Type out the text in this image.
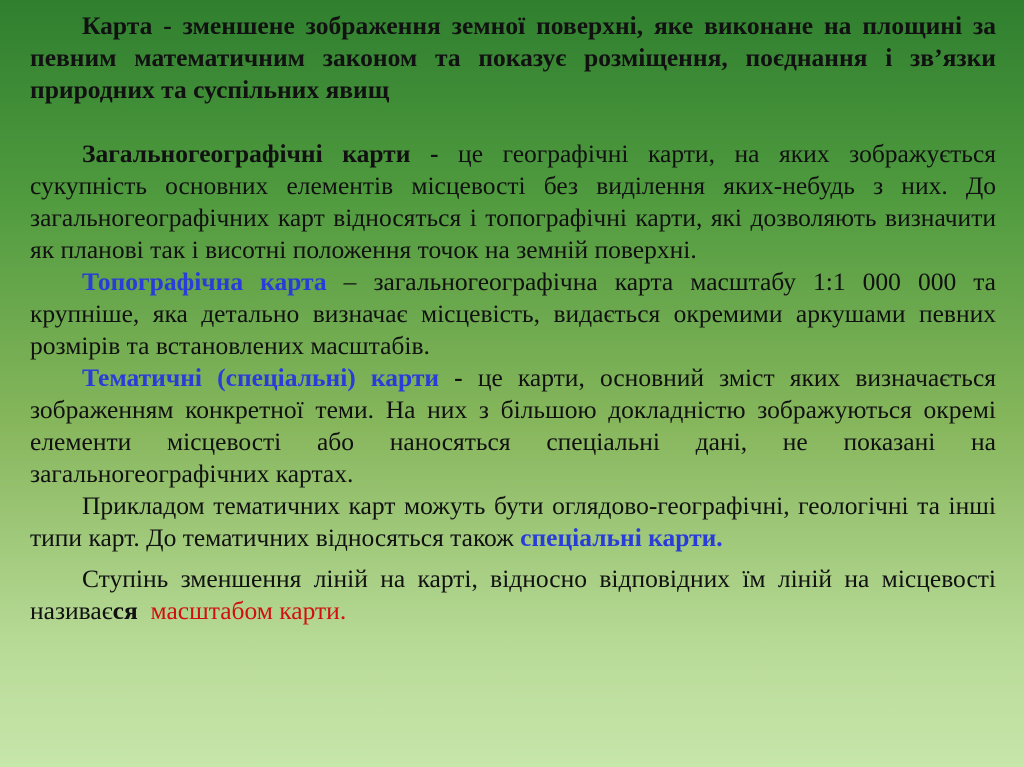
Карта - зменшене зображення земної поверхні, яке виконане на площині за певним математичним законом та показує розміщення, поєднання і зв’язки природних та суспільних явищ

Загальногеографічні карти - це географічні карти, на яких зображується сукупність основних елементів місцевості без виділення яких-небудь з них. До загальногеографічних карт відносяться і топографічні карти, які дозволяють визначити як планові так і висотні положення точок на земній поверхні.

Топографічна карта – загальногеографічна карта масштабу 1:1 000 000 та крупніше, яка детально визначає місцевість, видається окремими аркушами певних розмірів та встановлених масштабів.

Тематичні (спеціальні) карти - це карти, основний зміст яких визначається зображенням конкретної теми. На них з більшою докладністю зображуються окремі елементи місцевості або наносяться спеціальні дані, не показані на загальногеографічних картах.

Прикладом тематичних карт можуть бути оглядово-географічні, геологічні та інші типи карт. До тематичних відносяться також спеціальні карти.

Ступінь зменшення ліній на карті, відносно відповідних їм ліній на місцевості називаєся масштабом карти.
